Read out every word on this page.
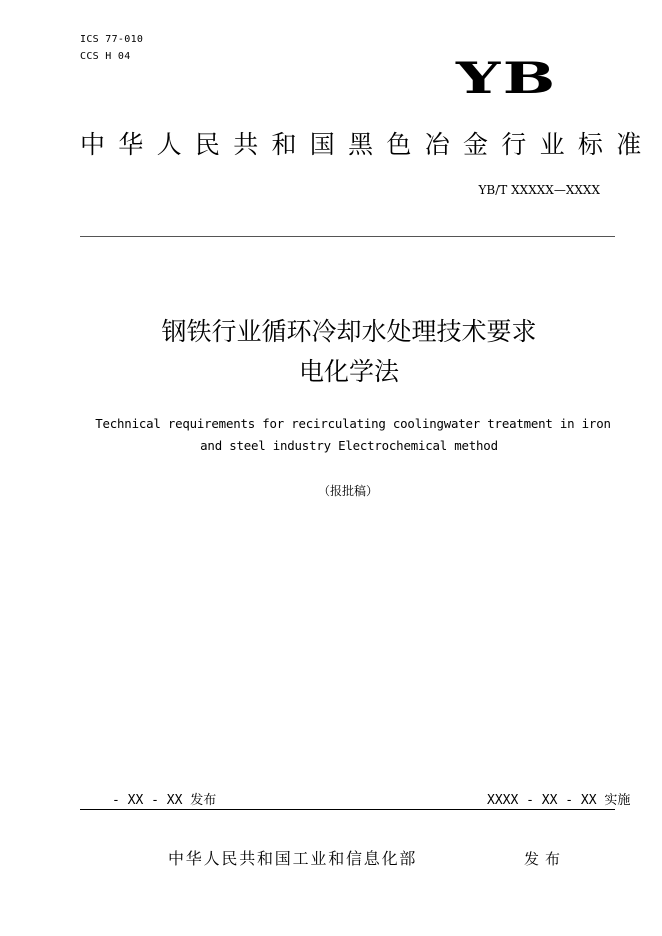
ICS 77-010
CCS H 04	YB
中华人民共和国黑色冶金行业标准
YB/T XXXXX—XXXX
钢铁行业循环冷却水处理技术要求
电化学法
Technical requirements for recirculating coolingwater treatment in iron
and steel industry Electrochemical method
（报批稿）
- XX - XX 发布	XXXX - XX - XX 实施
中华人民共和国工业和信息化部	发布
